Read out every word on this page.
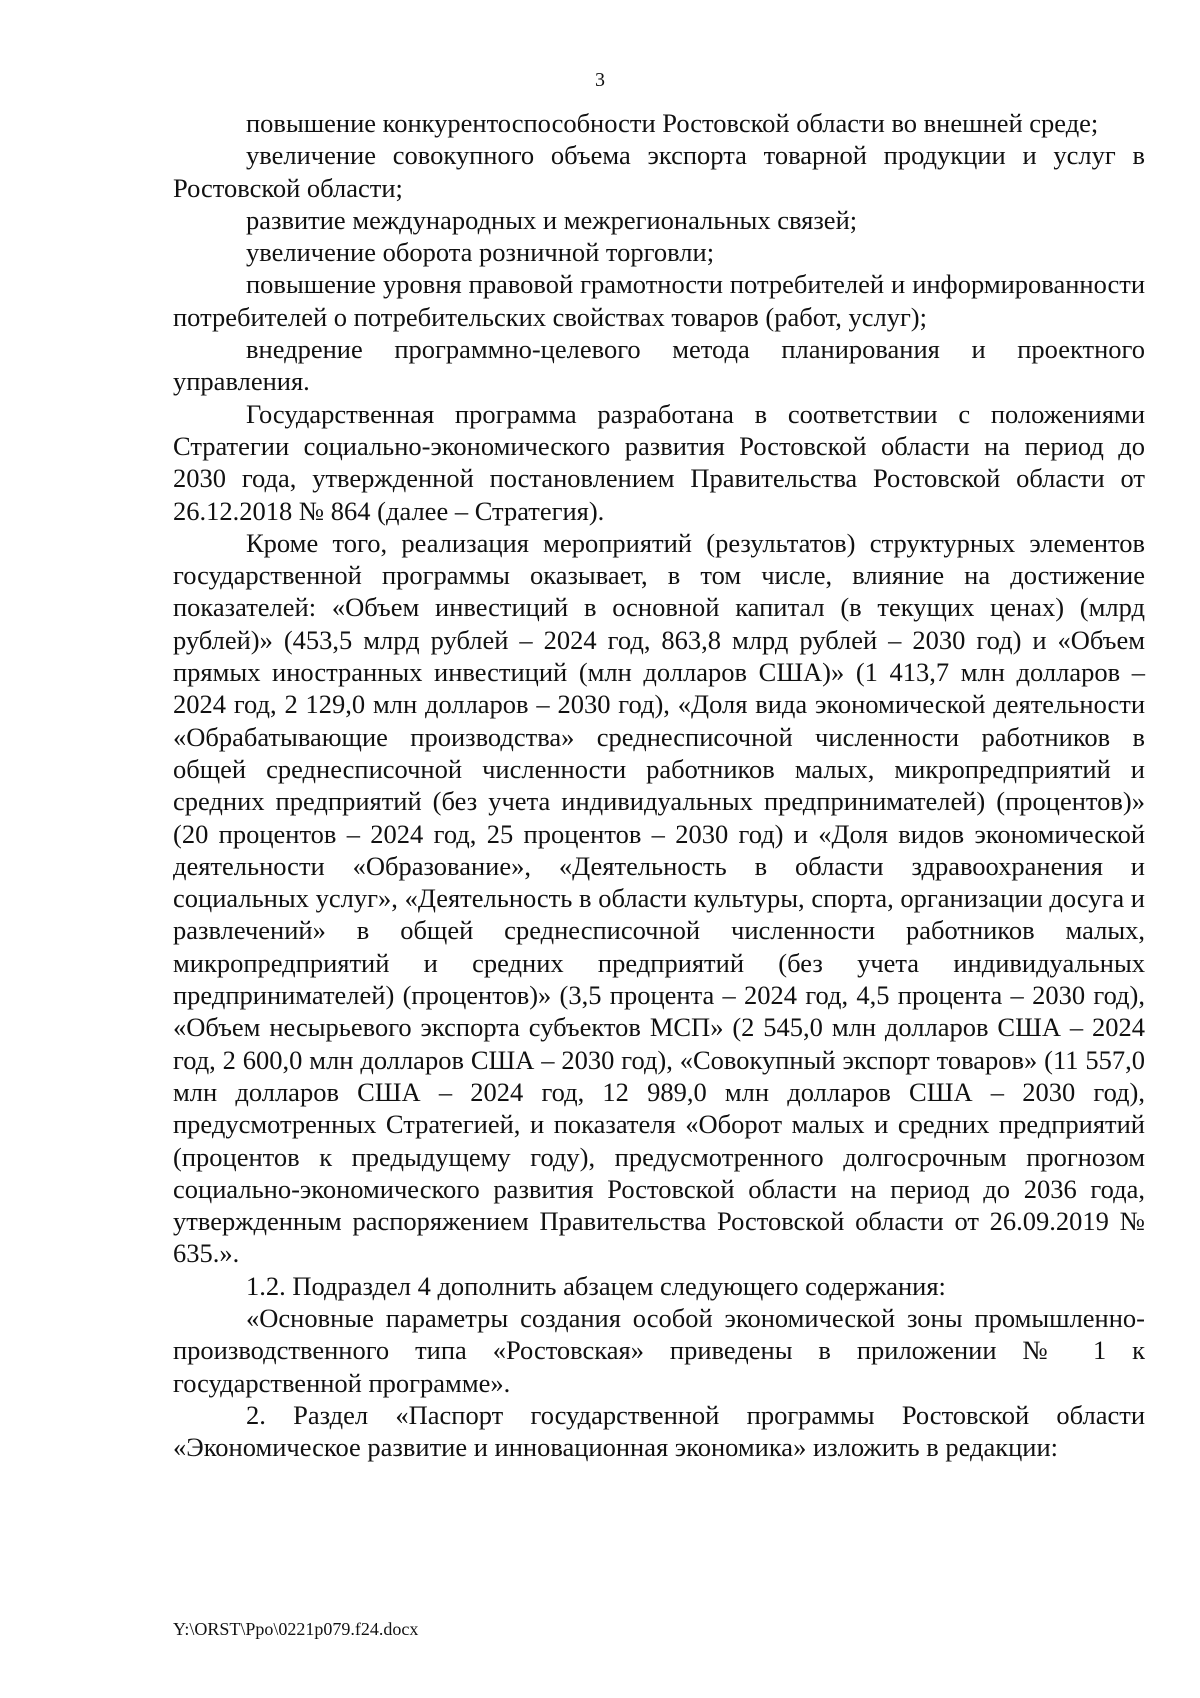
3

повышение конкурентоспособности Ростовской области во внешней среде;

увеличение совокупного объема экспорта товарной продукции и услуг в Ростовской области;

развитие международных и межрегиональных связей;

увеличение оборота розничной торговли;

повышение уровня правовой грамотности потребителей и информированности потребителей о потребительских свойствах товаров (работ, услуг);

внедрение программно-целевого метода планирования и проектного управления.

Государственная программа разработана в соответствии с положениями Стратегии социально-экономического развития Ростовской области на период до 2030 года, утвержденной постановлением Правительства Ростовской области от 26.12.2018 № 864 (далее – Стратегия).

Кроме того, реализация мероприятий (результатов) структурных элементов государственной программы оказывает, в том числе, влияние на достижение показателей: «Объем инвестиций в основной капитал (в текущих ценах) (млрд рублей)» (453,5 млрд рублей – 2024 год, 863,8 млрд рублей – 2030 год) и «Объем прямых иностранных инвестиций (млн долларов США)» (1 413,7 млн долларов – 2024 год, 2 129,0 млн долларов – 2030 год), «Доля вида экономической деятельности «Обрабатывающие производства» среднесписочной численности работников в общей среднесписочной численности работников малых, микропредприятий и средних предприятий (без учета индивидуальных предпринимателей) (процентов)» (20 процентов – 2024 год, 25 процентов – 2030 год) и «Доля видов экономической деятельности «Образование», «Деятельность в области здравоохранения и социальных услуг», «Деятельность в области культуры, спорта, организации досуга и развлечений» в общей среднесписочной численности работников малых, микропредприятий и средних предприятий (без учета индивидуальных предпринимателей) (процентов)» (3,5 процента – 2024 год, 4,5 процента – 2030 год), «Объем несырьевого экспорта субъектов МСП» (2 545,0 млн долларов США – 2024 год, 2 600,0 млн долларов США – 2030 год), «Совокупный экспорт товаров» (11 557,0 млн долларов США – 2024 год, 12 989,0 млн долларов США – 2030 год), предусмотренных Стратегией, и показателя «Оборот малых и средних предприятий (процентов к предыдущему году), предусмотренного долгосрочным прогнозом социально-экономического развития Ростовской области на период до 2036 года, утвержденным распоряжением Правительства Ростовской области от 26.09.2019 № 635.».

1.2. Подраздел 4 дополнить абзацем следующего содержания:

«Основные параметры создания особой экономической зоны промышленно-производственного типа «Ростовская» приведены в приложении № 1 к государственной программе».

2. Раздел «Паспорт государственной программы Ростовской области «Экономическое развитие и инновационная экономика» изложить в редакции:

Y:\ORST\Ppo\0221p079.f24.docx
